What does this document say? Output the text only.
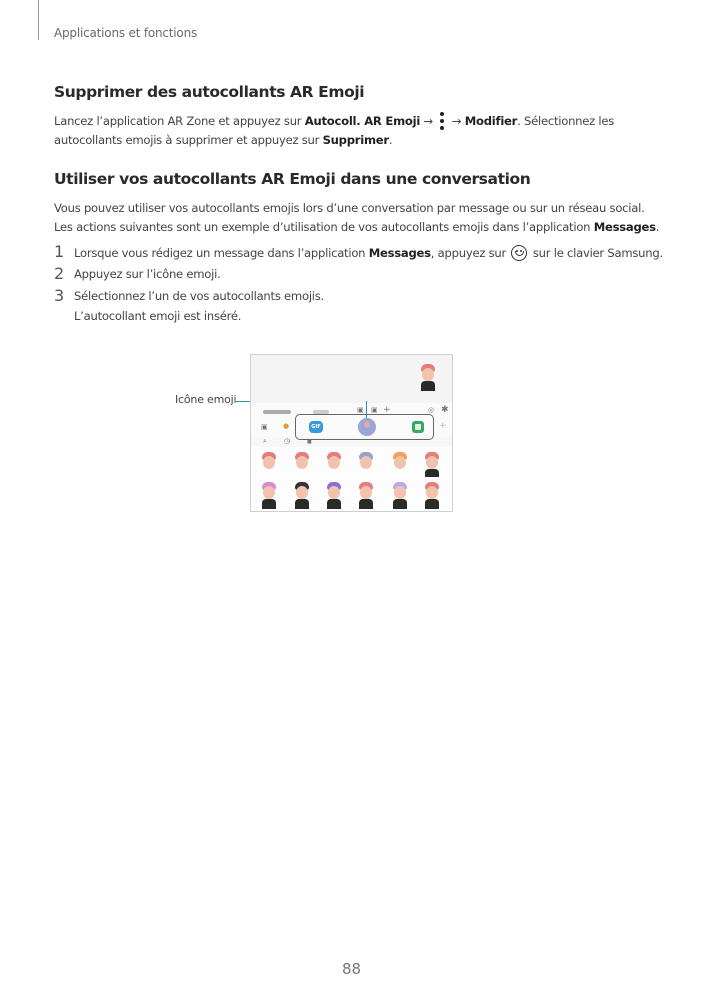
Applications et fonctions
Supprimer des autocollants AR Emoji
Lancez l’application AR Zone et appuyez sur Autocoll. AR Emoji →
→ Modifier. Sélectionnez les
autocollants emojis à supprimer et appuyez sur Supprimer.
Utiliser vos autocollants AR Emoji dans une conversation
Vous pouvez utiliser vos autocollants emojis lors d’une conversation par message ou sur un réseau social.
Les actions suivantes sont un exemple d’utilisation de vos autocollants emojis dans l’application Messages.
1 Lorsque vous rédigez un message dans l’application Messages, appuyez sur
sur le clavier Samsung.
2 Appuyez sur l’icône emoji.
3 Sélectionnez l’un de vos autocollants emojis.
L’autocollant emoji est inséré.
Icône emoji
▣ ▣ +	◎ ✱
▣ ●	+
GIF
⌕ ◷	■
88
